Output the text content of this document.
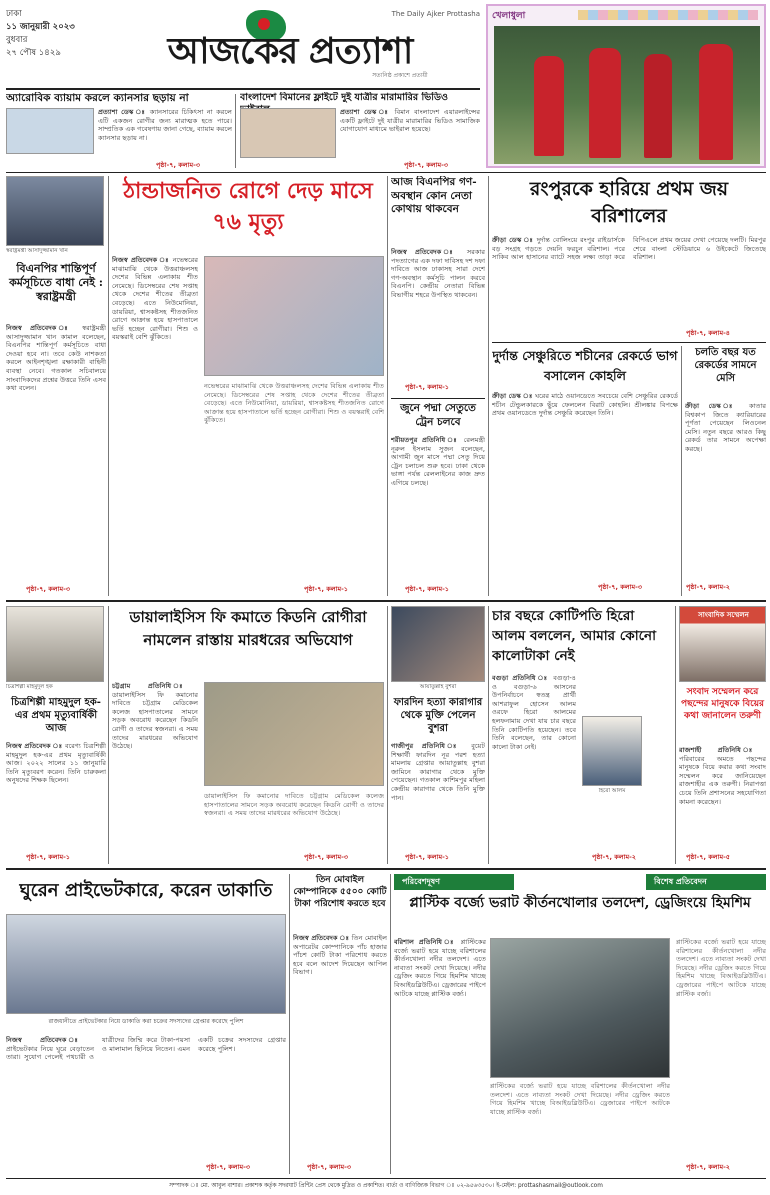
ঢাকা
১১ জানুয়ারী ২০২৩
বুধবার
২৭ পৌষ ১৪২৯	আজকের প্রত্যাশা
The Daily Ajker Prottasha
সত্যনিষ্ঠ প্রকাশে প্রত্যয়ী
খেলাধুলা
অ্যারোবিক ব্যায়াম করলে ক্যানসার ছড়ায় না
প্রত্যাশা ডেস্ক ঃ ক্যানসারের চিকিৎসা না করলে এটি একজন রোগীর জন্য মারাত্মক হতে পারে। সাম্প্রতিক এক গবেষণায় জানা গেছে, ব্যায়াম করলে ক্যানসার ছড়ায় না।
পৃষ্ঠা-৭, কলাম-৩
বাংলাদেশ বিমানের ফ্লাইটে দুই যাত্রীর মারামারির ভিডিও
প্রত্যাশা ডেস্ক ঃ বিমান বাংলাদেশ এয়ারলাইন্সের একটি ফ্লাইটে দুই যাত্রীর মারামারির ভিডিও সামাজিক যোগাযোগ মাধ্যমে ভাইরাল হয়েছে।
পৃষ্ঠা-৭, কলাম-৩
স্বরাষ্ট্রমন্ত্রী আসাদুজ্জামান খান
বিএনপির শান্তিপূর্ণ কর্মসূচিতে বাধা নেই : স্বরাষ্ট্রমন্ত্রী
নিজস্ব প্রতিবেদক ঃ স্বরাষ্ট্রমন্ত্রী আসাদুজ্জামান খান কামাল বলেছেন, বিএনপির শান্তিপূর্ণ কর্মসূচিতে বাধা দেওয়া হবে না। তবে কেউ নাশকতা করলে আইনশৃঙ্খলা রক্ষাকারী বাহিনী ব্যবস্থা নেবে। গতকাল সচিবালয়ে সাংবাদিকদের প্রশ্নের উত্তরে তিনি এসব কথা বলেন।
পৃষ্ঠা-৭, কলাম-৩
ঠান্ডাজনিত রোগে দেড় মাসে ৭৬ মৃত্যু
নিজস্ব প্রতিবেদক ঃ নভেম্বরের মাঝামাঝি থেকে উত্তরাঞ্চলসহ দেশের বিভিন্ন এলাকায় শীত নেমেছে। ডিসেম্বরের শেষ সপ্তাহ থেকে দেশের শীতের তীব্রতা বেড়েছে। এতে নিউমোনিয়া, ডায়রিয়া, শ্বাসকষ্টসহ শীতজনিত রোগে আক্রান্ত হয়ে হাসপাতালে ভর্তি হচ্ছেন রোগীরা। শিশু ও বয়স্করাই বেশি ঝুঁকিতে।
নভেম্বরের মাঝামাঝি থেকে উত্তরাঞ্চলসহ দেশের বিভিন্ন এলাকায় শীত নেমেছে। ডিসেম্বরের শেষ সপ্তাহ থেকে দেশের শীতের তীব্রতা বেড়েছে। এতে নিউমোনিয়া, ডায়রিয়া, শ্বাসকষ্টসহ শীতজনিত রোগে আক্রান্ত হয়ে হাসপাতালে ভর্তি হচ্ছেন রোগীরা। শিশু ও বয়স্করাই বেশি ঝুঁকিতে।
পৃষ্ঠা-৭, কলাম-১
আজ বিএনপির গণ-অবস্থান কোন নেতা কোথায় থাকবেন
নিজস্ব প্রতিবেদক ঃ সরকার পদত্যাগের এক দফা দাবিসহ দশ দফা দাবিতে আজ ঢাকাসহ সারা দেশে গণ-অবস্থান কর্মসূচি পালন করবে বিএনপি। কেন্দ্রীয় নেতারা বিভিন্ন বিভাগীয় শহরে উপস্থিত থাকবেন।
পৃষ্ঠা-৭, কলাম-১
জুনে পদ্মা সেতুতে ট্রেন চলবে
শরীয়তপুর প্রতিনিধি ঃ রেলমন্ত্রী নূরুল ইসলাম সুজন বলেছেন, আগামী জুন মাসে পদ্মা সেতু দিয়ে ট্রেন চলাচল শুরু হবে। ঢাকা থেকে ভাঙ্গা পর্যন্ত রেললাইনের কাজ দ্রুত এগিয়ে চলছে।
পৃষ্ঠা-৭, কলাম-১
রংপুরকে হারিয়ে প্রথম জয় বরিশালের
ক্রীড়া ডেস্ক ঃ দুর্দান্ত বোলিংয়ে রংপুর রাইডার্সকে বড় সংগ্রহ গড়তে দেয়নি ফরচুন বরিশাল। পরে সাকিব আল হাসানের ব্যাটে সহজ লক্ষ্য তাড়া করে বিপিএলে প্রথম জয়ের দেখা পেয়েছে দলটি। মিরপুর শেরে বাংলা স্টেডিয়ামে ৬ উইকেটে জিতেছে বরিশাল।
পৃষ্ঠা-৭, কলাম-৪
দুর্দান্ত সেঞ্চুরিতে শচীনের রেকর্ডে ভাগ বসালেন কোহলি
ক্রীড়া ডেস্ক ঃ ঘরের মাঠে ওয়ানডেতে সবচেয়ে বেশি সেঞ্চুরির রেকর্ডে শচীন টেন্ডুলকারকে ছুঁয়ে ফেললেন বিরাট কোহলি। শ্রীলঙ্কার বিপক্ষে প্রথম ওয়ানডেতে দুর্দান্ত সেঞ্চুরি করেছেন তিনি।
পৃষ্ঠা-৭, কলাম-৩
চলতি বছর যত রেকর্ডের সামনে মেসি
ক্রীড়া ডেস্ক ঃ কাতার বিশ্বকাপ জিতে ক্যারিয়ারের পূর্ণতা পেয়েছেন লিওনেল মেসি। নতুন বছরে আরও কিছু রেকর্ড তার সামনে অপেক্ষা করছে।
পৃষ্ঠা-৭, কলাম-২
চিত্রশিল্পী মাহমুদুল হক
চিত্রশিল্পী মাহমুদুল হক-এর প্রথম মৃত্যুবার্ষিকী আজ
নিজস্ব প্রতিবেদক ঃ বরেণ্য চিত্রশিল্পী মাহমুদুল হক-এর প্রথম মৃত্যুবার্ষিকী আজ। ২০২২ সালের ১১ জানুয়ারি তিনি মৃত্যুবরণ করেন। তিনি চারুকলা অনুষদের শিক্ষক ছিলেন।
পৃষ্ঠা-৭, কলাম-১
ডায়ালাইসিস ফি কমাতে কিডনি রোগীরা নামলেন রাস্তায় মারধরের অভিযোগ
চট্টগ্রাম প্রতিনিধি ঃ ডায়ালাইসিস ফি কমানোর দাবিতে চট্টগ্রাম মেডিকেল কলেজ হাসপাতালের সামনে সড়ক অবরোধ করেছেন কিডনি রোগী ও তাদের স্বজনরা। এ সময় তাদের মারধরের অভিযোগ উঠেছে।
ডায়ালাইসিস ফি কমানোর দাবিতে চট্টগ্রাম মেডিকেল কলেজ হাসপাতালের সামনে সড়ক অবরোধ করেছেন কিডনি রোগী ও তাদের স্বজনরা। এ সময় তাদের মারধরের অভিযোগ উঠেছে।
পৃষ্ঠা-৭, কলাম-৩
আয়াতুল্লাহ বুশরা
ফারদিন হত্যা কারাগার থেকে মুক্তি পেলেন বুশরা
গাজীপুর প্রতিনিধি ঃ বুয়েট শিক্ষার্থী ফারদিন নূর পরশ হত্যা মামলায় গ্রেপ্তার আয়াতুল্লাহ বুশরা জামিনে কারাগার থেকে মুক্তি পেয়েছেন। গতকাল কাশিমপুর মহিলা কেন্দ্রীয় কারাগার থেকে তিনি মুক্তি পান।
পৃষ্ঠা-৭, কলাম-১
চার বছরে কোটিপতি হিরো আলম বললেন, আমার কোনো কালোটাকা নেই
বগুড়া প্রতিনিধি ঃ বগুড়া-৪ ও বগুড়া-৬ আসনের উপনির্বাচনে স্বতন্ত্র প্রার্থী আশরাফুল হোসেন আলম ওরফে হিরো আলমের হলফনামায় দেখা যায় চার বছরে তিনি কোটিপতি হয়েছেন। তবে তিনি বলেছেন, তার কোনো কালো টাকা নেই।
হিরো আলম
পৃষ্ঠা-৭, কলাম-২
সাংবাদিক সম্মেলন
সংবাদ সম্মেলন করে পছন্দের মানুষকে বিয়ের কথা জানালেন তরুণী
রাজশাহী প্রতিনিধি ঃ পরিবারের অমতে পছন্দের মানুষকে বিয়ে করার কথা সংবাদ সম্মেলন করে জানিয়েছেন রাজশাহীর এক তরুণী। নিরাপত্তা চেয়ে তিনি প্রশাসনের সহযোগিতা কামনা করেছেন।
পৃষ্ঠা-৭, কলাম-৫
ঘুরেন প্রাইভেটকারে, করেন ডাকাতি
রাজধানীতে প্রাইভেটকার নিয়ে ডাকাতি করা চক্রের সদস্যদের গ্রেপ্তার করেছে পুলিশ
নিজস্ব প্রতিবেদক ঃ প্রাইভেটকার নিয়ে ঘুরে বেড়াতেন তারা। সুযোগ পেলেই পথচারী ও যাত্রীদের জিম্মি করে টাকা-পয়সা ও মালামাল ছিনিয়ে নিতেন। এমন একটি চক্রের সদস্যদের গ্রেপ্তার করেছে পুলিশ।
পৃষ্ঠা-৭, কলাম-৩
তিন মোবাইল কোম্পানিকে ৫৫০০ কোটি টাকা পরিশোধ করতে হবে
নিজস্ব প্রতিবেদক ঃ তিন মোবাইল অপারেটর কোম্পানিকে পাঁচ হাজার পাঁচশ কোটি টাকা পরিশোধ করতে হবে বলে আদেশ দিয়েছেন আপিল বিভাগ।
পৃষ্ঠা-৭, কলাম-৩
পরিবেশদূষণ	বিশেষ প্রতিবেদন
প্লাস্টিক বর্জ্যে ভরাট কীর্তনখোলার তলদেশ, ড্রেজিংয়ে হিমশিম
বরিশাল প্রতিনিধি ঃ প্লাস্টিকের বর্জ্যে ভরাট হয়ে যাচ্ছে বরিশালের কীর্তনখোলা নদীর তলদেশ। এতে নাব্যতা সংকট দেখা দিয়েছে। নদীর ড্রেজিং করতে গিয়ে হিমশিম খাচ্ছে বিআইডব্লিউটিএ। ড্রেজারের পাইপে আটকে যাচ্ছে প্লাস্টিক বর্জ্য।
প্লাস্টিকের বর্জ্যে ভরাট হয়ে যাচ্ছে বরিশালের কীর্তনখোলা নদীর তলদেশ। এতে নাব্যতা সংকট দেখা দিয়েছে। নদীর ড্রেজিং করতে গিয়ে হিমশিম খাচ্ছে বিআইডব্লিউটিএ। ড্রেজারের পাইপে আটকে যাচ্ছে প্লাস্টিক বর্জ্য।
প্লাস্টিকের বর্জ্যে ভরাট হয়ে যাচ্ছে বরিশালের কীর্তনখোলা নদীর তলদেশ। এতে নাব্যতা সংকট দেখা দিয়েছে। নদীর ড্রেজিং করতে গিয়ে হিমশিম খাচ্ছে বিআইডব্লিউটিএ। ড্রেজারের পাইপে আটকে যাচ্ছে প্লাস্টিক বর্জ্য।
পৃষ্ঠা-৭, কলাম-২
সম্পাদক ঃ মো. আবুল বাশার। প্রকাশক কর্তৃক সদরঘাট প্রিন্টিং প্রেস থেকে মুদ্রিত ও প্রকাশিত। বার্তা ও বাণিজ্যিক বিভাগ ঃ ০২-৯৫৬৩৫৩০। ই-মেইল: prottashasmail@outlook.com
